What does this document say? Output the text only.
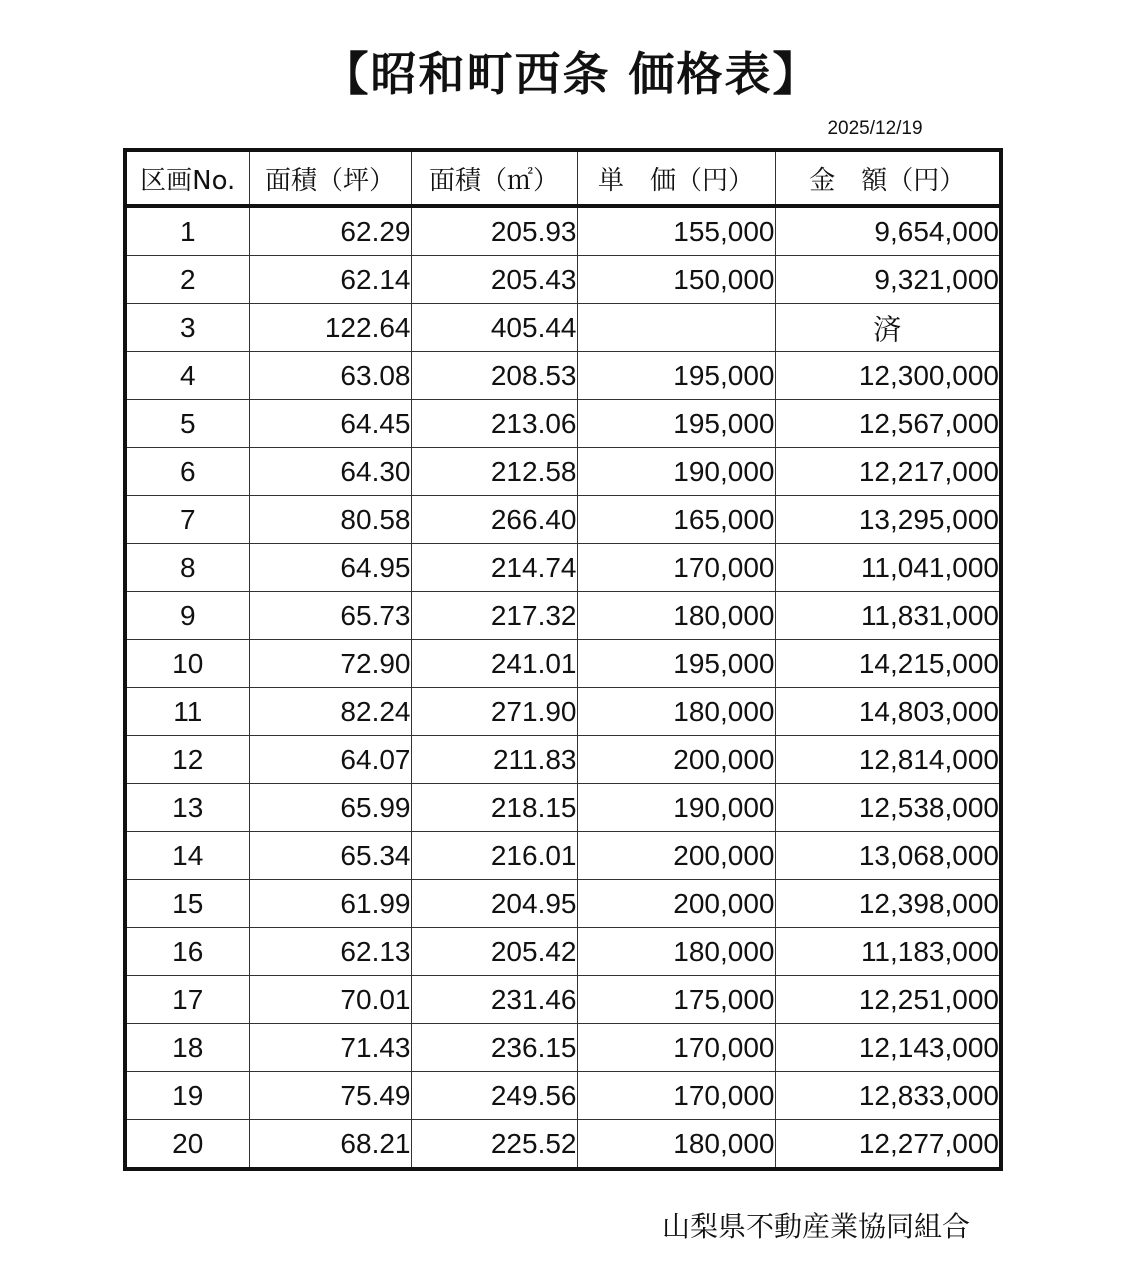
【昭和町西条 価格表】
2025/12/19
区画No.	面積（坪）	面積（㎡）	単　価（円）	金　額（円）
1	62.29	205.93	155,000	9,654,000
2	62.14	205.43	150,000	9,321,000
3	122.64	405.44		済
4	63.08	208.53	195,000	12,300,000
5	64.45	213.06	195,000	12,567,000
6	64.30	212.58	190,000	12,217,000
7	80.58	266.40	165,000	13,295,000
8	64.95	214.74	170,000	11,041,000
9	65.73	217.32	180,000	11,831,000
10	72.90	241.01	195,000	14,215,000
11	82.24	271.90	180,000	14,803,000
12	64.07	211.83	200,000	12,814,000
13	65.99	218.15	190,000	12,538,000
14	65.34	216.01	200,000	13,068,000
15	61.99	204.95	200,000	12,398,000
16	62.13	205.42	180,000	11,183,000
17	70.01	231.46	175,000	12,251,000
18	71.43	236.15	170,000	12,143,000
19	75.49	249.56	170,000	12,833,000
20	68.21	225.52	180,000	12,277,000
山梨県不動産業協同組合
